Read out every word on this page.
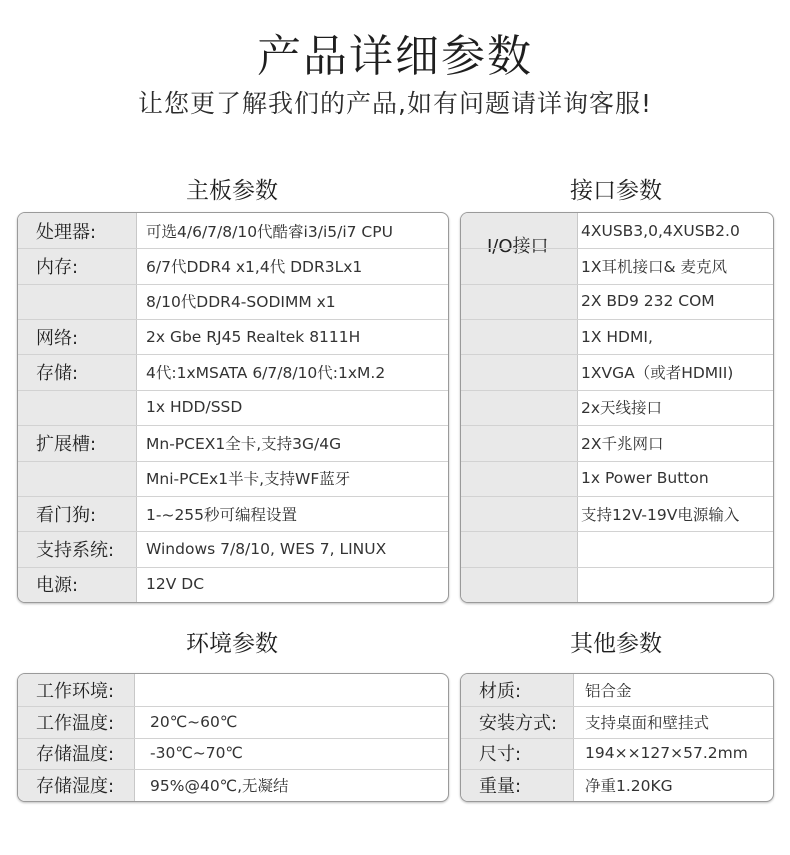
产品详细参数
让您更了解我们的产品,如有问题请详询客服!
主板参数	接口参数
环境参数	其他参数
处理器:	可选4/6/7/8/10代酷睿i3/i5/i7 CPU
内存:	6/7代DDR4 x1,4代 DDR3Lx1
8/10代DDR4-SODIMM x1
网络:	2x Gbe RJ45 Realtek 8111H
存储:	4代:1xMSATA 6/7/8/10代:1xM.2
1x HDD/SSD
扩展槽:	Mn-PCEX1全卡,支持3G/4G
Mni-PCEx1半卡,支持WF蓝牙
看门狗:	1-~255秒可编程设置
支持系统: Windows 7/8/10, WES 7, LINUX
电源:	12V DC
I/O接口
4XUSB3,0,4XUSB2.0
1X耳机接口& 麦克风
2X BD9 232 COM
1X HDMI,
1XVGA（或者HDMII)
2x天线接口
2X千兆网口
1x Power Button
支持12V-19V电源输入
工作环境:
工作温度: 20℃~60℃
存储温度: -30℃~70℃
存储湿度: 95%@40℃,无凝结
材质:	铝合金
安装方式: 支持桌面和壁挂式
尺寸:	194××127×57.2mm
重量:	净重1.20KG
